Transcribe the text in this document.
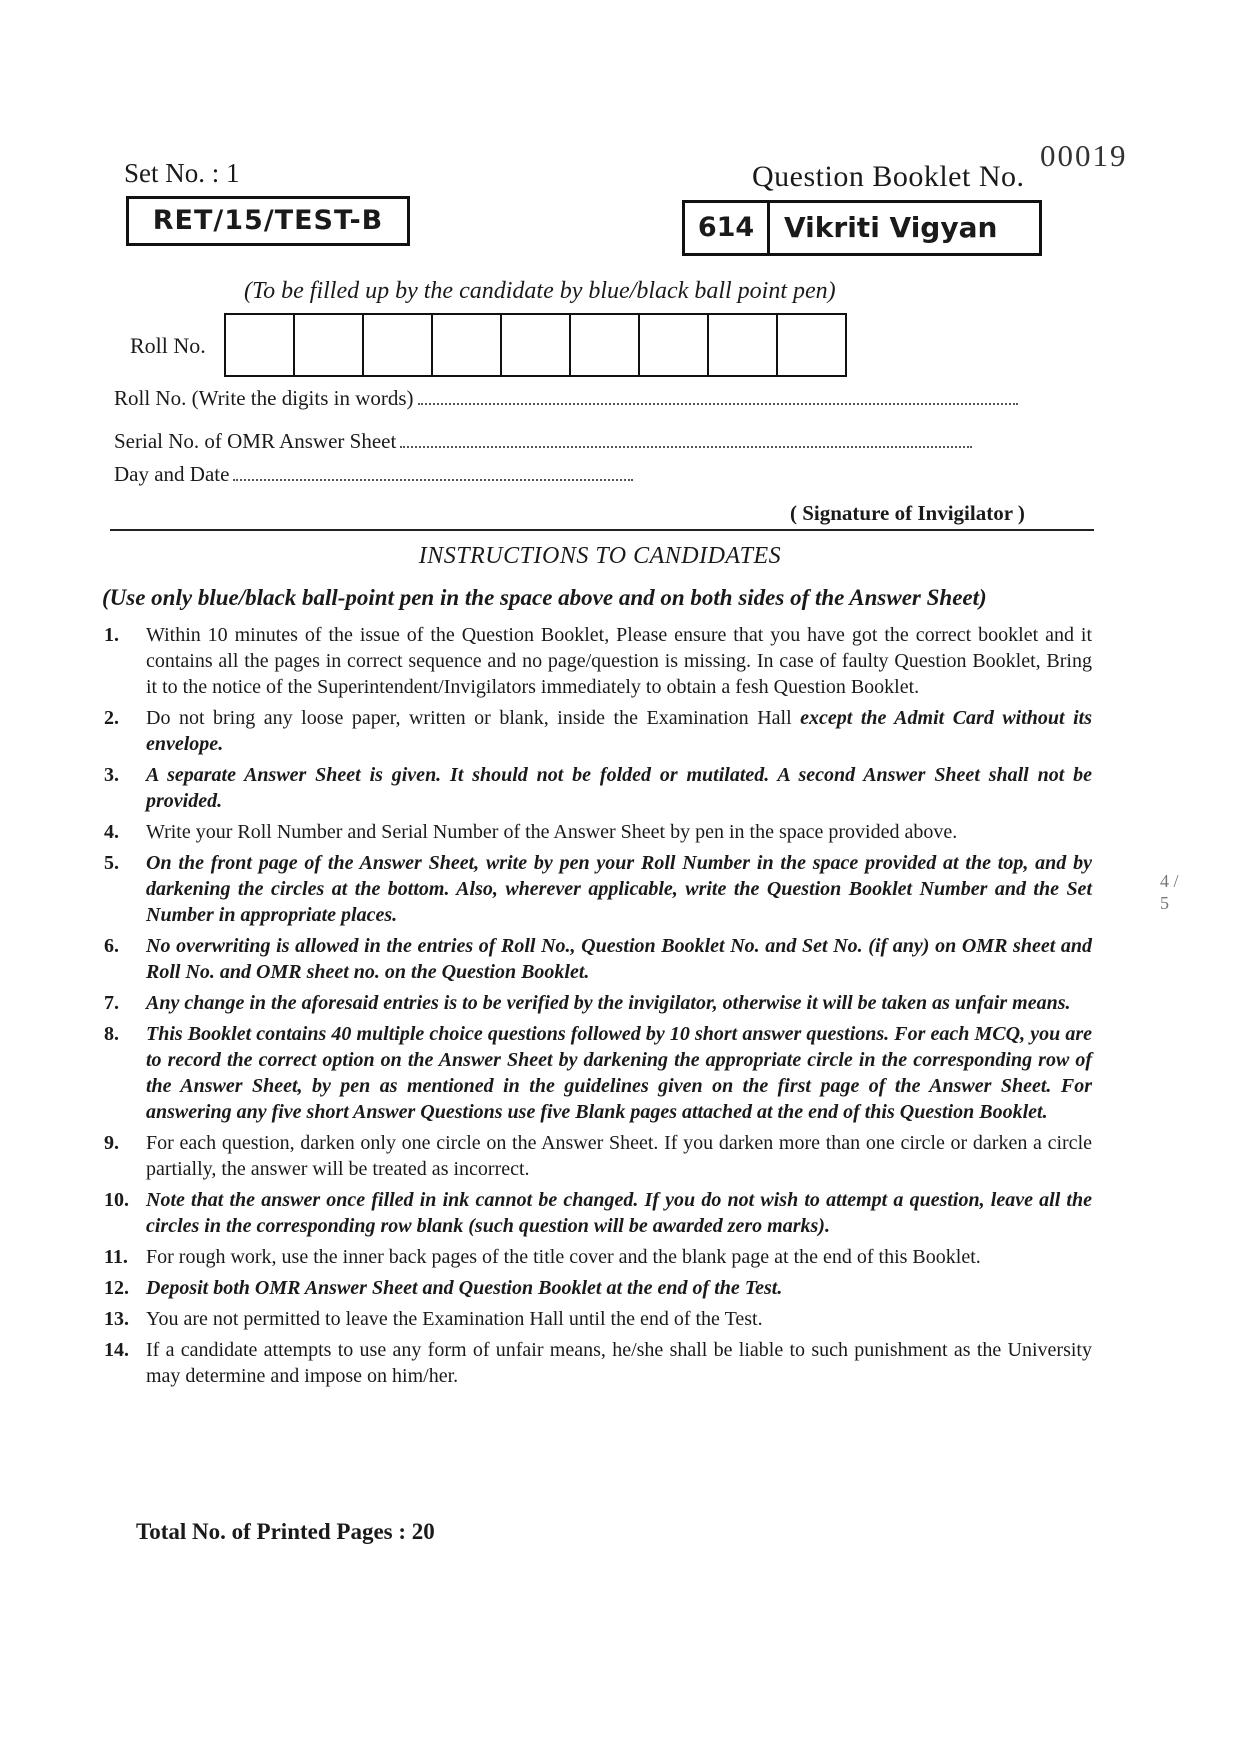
Set No. : 1
RET/15/TEST-B
Question Booklet No.
00019
614	Vikriti Vigyan
(To be filled up by the candidate by blue/black ball point pen)
Roll No.
Roll No. (Write the digits in words)
Serial No. of OMR Answer Sheet
Day and Date
( Signature of Invigilator )
INSTRUCTIONS TO CANDIDATES
(Use only blue/black ball-point pen in the space above and on both sides of the Answer Sheet)
1.	Within 10 minutes of the issue of the Question Booklet, Please ensure that you have got the correct booklet and it contains all the pages in correct sequence and no page/question is missing. In case of faulty Question Booklet, Bring it to the notice of the Superintendent/Invigilators immediately to obtain a fesh Question Booklet.
2.	Do not bring any loose paper, written or blank, inside the Examination Hall except the Admit Card without its envelope.
3.	A separate Answer Sheet is given. It should not be folded or mutilated. A second Answer Sheet shall not be provided.
4.	Write your Roll Number and Serial Number of the Answer Sheet by pen in the space provided above.
5.	On the front page of the Answer Sheet, write by pen your Roll Number in the space provided at the top, and by darkening the circles at the bottom. Also, wherever applicable, write the Question Booklet Number and the Set Number in appropriate places.
6.	No overwriting is allowed in the entries of Roll No., Question Booklet No. and Set No. (if any) on OMR sheet and Roll No. and OMR sheet no. on the Question Booklet.
7.	Any change in the aforesaid entries is to be verified by the invigilator, otherwise it will be taken as unfair means.
8.	This Booklet contains 40 multiple choice questions followed by 10 short answer questions. For each MCQ, you are to record the correct option on the Answer Sheet by darkening the appropriate circle in the corresponding row of the Answer Sheet, by pen as mentioned in the guidelines given on the first page of the Answer Sheet. For answering any five short Answer Questions use five Blank pages attached at the end of this Question Booklet.
9.	For each question, darken only one circle on the Answer Sheet. If you darken more than one circle or darken a circle partially, the answer will be treated as incorrect.
10. Note that the answer once filled in ink cannot be changed. If you do not wish to attempt a question, leave all the circles in the corresponding row blank (such question will be awarded zero marks).
11. For rough work, use the inner back pages of the title cover and the blank page at the end of this Booklet.
12. Deposit both OMR Answer Sheet and Question Booklet at the end of the Test.
13. You are not permitted to leave the Examination Hall until the end of the Test.
14. If a candidate attempts to use any form of unfair means, he/she shall be liable to such punishment as the University may determine and impose on him/her.
Total No. of Printed Pages : 20
4 / 5
